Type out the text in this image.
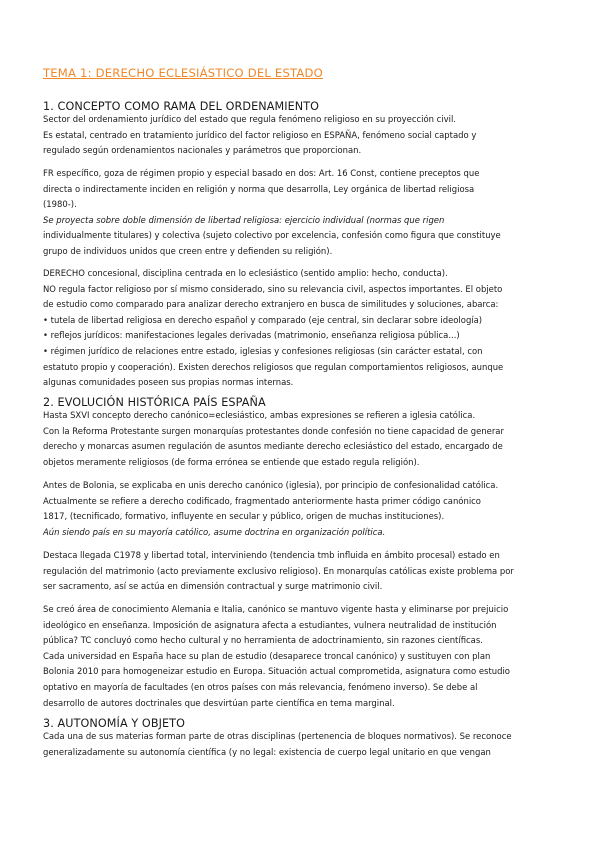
TEMA 1: DERECHO ECLESIÁSTICO DEL ESTADO
1. CONCEPTO COMO RAMA DEL ORDENAMIENTO
Sector del ordenamiento jurídico del estado que regula fenómeno religioso en su proyección civil.
Es estatal, centrado en tratamiento jurídico del factor religioso en ESPAÑA, fenómeno social captado y
regulado según ordenamientos nacionales y parámetros que proporcionan.
FR específico, goza de régimen propio y especial basado en dos: Art. 16 Const, contiene preceptos que
directa o indirectamente inciden en religión y norma que desarrolla, Ley orgánica de libertad religiosa
(1980-).
Se proyecta sobre doble dimensión de libertad religiosa: ejercicio individual (normas que rigen
individualmente titulares) y colectiva (sujeto colectivo por excelencia, confesión como figura que constituye
grupo de individuos unidos que creen entre y defienden su religión).
DERECHO concesional, disciplina centrada en lo eclesiástico (sentido amplio: hecho, conducta).
NO regula factor religioso por sí mismo considerado, sino su relevancia civil, aspectos importantes. El objeto
de estudio como comparado para analizar derecho extranjero en busca de similitudes y soluciones, abarca:
• tutela de libertad religiosa en derecho español y comparado (eje central, sin declarar sobre ideología)
• reflejos jurídicos: manifestaciones legales derivadas (matrimonio, enseñanza religiosa pública...)
• régimen jurídico de relaciones entre estado, iglesias y confesiones religiosas (sin carácter estatal, con
estatuto propio y cooperación). Existen derechos religiosos que regulan comportamientos religiosos, aunque
algunas comunidades poseen sus propias normas internas.
2. EVOLUCIÓN HISTÓRICA PAÍS ESPAÑA
Hasta SXVI concepto derecho canónico=eclesiástico, ambas expresiones se refieren a iglesia católica.
Con la Reforma Protestante surgen monarquías protestantes donde confesión no tiene capacidad de generar
derecho y monarcas asumen regulación de asuntos mediante derecho eclesiástico del estado, encargado de
objetos meramente religiosos (de forma errónea se entiende que estado regula religión).
Antes de Bolonia, se explicaba en unis derecho canónico (iglesia), por principio de confesionalidad católica.
Actualmente se refiere a derecho codificado, fragmentado anteriormente hasta primer código canónico
1817, (tecnificado, formativo, influyente en secular y público, origen de muchas instituciones).
Aún siendo país en su mayoría católico, asume doctrina en organización política.
Destaca llegada C1978 y libertad total, interviniendo (tendencia tmb influida en ámbito procesal) estado en
regulación del matrimonio (acto previamente exclusivo religioso). En monarquías católicas existe problema por
ser sacramento, así se actúa en dimensión contractual y surge matrimonio civil.
Se creó área de conocimiento Alemania e Italia, canónico se mantuvo vigente hasta y eliminarse por prejuicio
ideológico en enseñanza. Imposición de asignatura afecta a estudiantes, vulnera neutralidad de institución
pública? TC concluyó como hecho cultural y no herramienta de adoctrinamiento, sin razones científicas.
Cada universidad en España hace su plan de estudio (desaparece troncal canónico) y sustituyen con plan
Bolonia 2010 para homogeneizar estudio en Europa. Situación actual comprometida, asignatura como estudio
optativo en mayoría de facultades (en otros países con más relevancia, fenómeno inverso). Se debe al
desarrollo de autores doctrinales que desvirtúan parte científica en tema marginal.
3. AUTONOMÍA Y OBJETO
Cada una de sus materias forman parte de otras disciplinas (pertenencia de bloques normativos). Se reconoce
generalizadamente su autonomía científica (y no legal: existencia de cuerpo legal unitario en que vengan
